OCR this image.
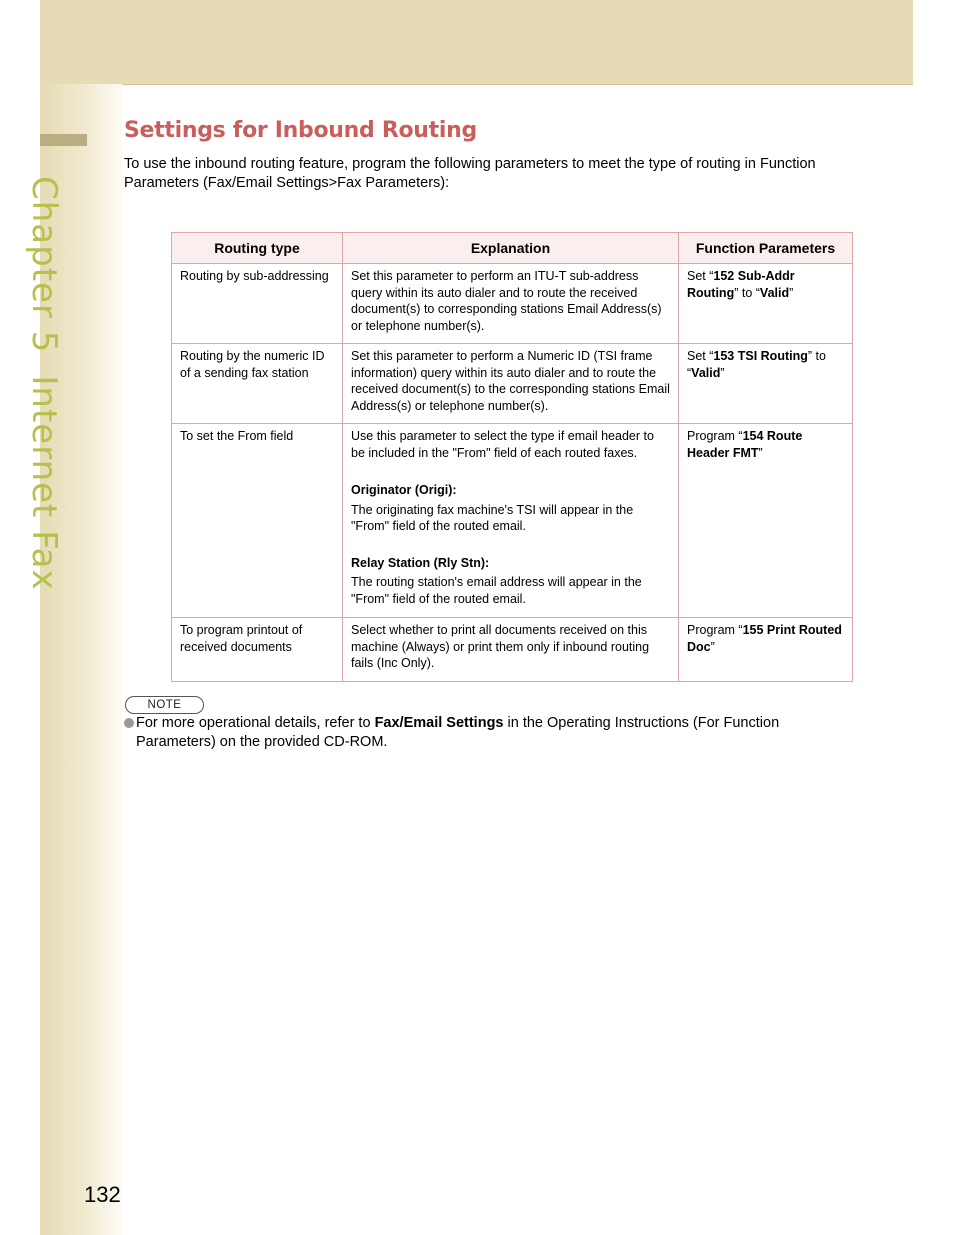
Chapter 5Internet Fax
Settings for Inbound Routing

To use the inbound routing feature, program the following parameters to meet the type of routing in Function Parameters (Fax/Email Settings>Fax Parameters):

Routing type	Explanation	Function Parameters
Routing by sub-addressing	Set this parameter to perform an ITU-T sub-address query within its auto dialer and to route the received document(s) to corresponding stations Email Address(s) or telephone number(s).	Set “152 Sub-Addr Routing” to “Valid”
Routing by the numeric ID of a sending fax station	Set this parameter to perform a Numeric ID (TSI frame information) query within its auto dialer and to route the received document(s) to the corresponding stations Email Address(s) or telephone number(s).	Set “153 TSI Routing” to “Valid”
To set the From field	Use this parameter to select the type if email header to be included in the "From" field of each routed faxes.

Originator (Origi):

The originating fax machine's TSI will appear in the "From" field of the routed email.

Relay Station (Rly Stn):

The routing station's email address will appear in the "From" field of the routed email.	Program “154 Route Header FMT”
To program printout of received documents	Select whether to print all documents received on this machine (Always) or print them only if inbound routing fails (Inc Only).	Program “155 Print Routed Doc”
NOTE

For more operational details, refer to Fax/Email Settings in the Operating Instructions (For Function Parameters) on the provided CD-ROM.

132
